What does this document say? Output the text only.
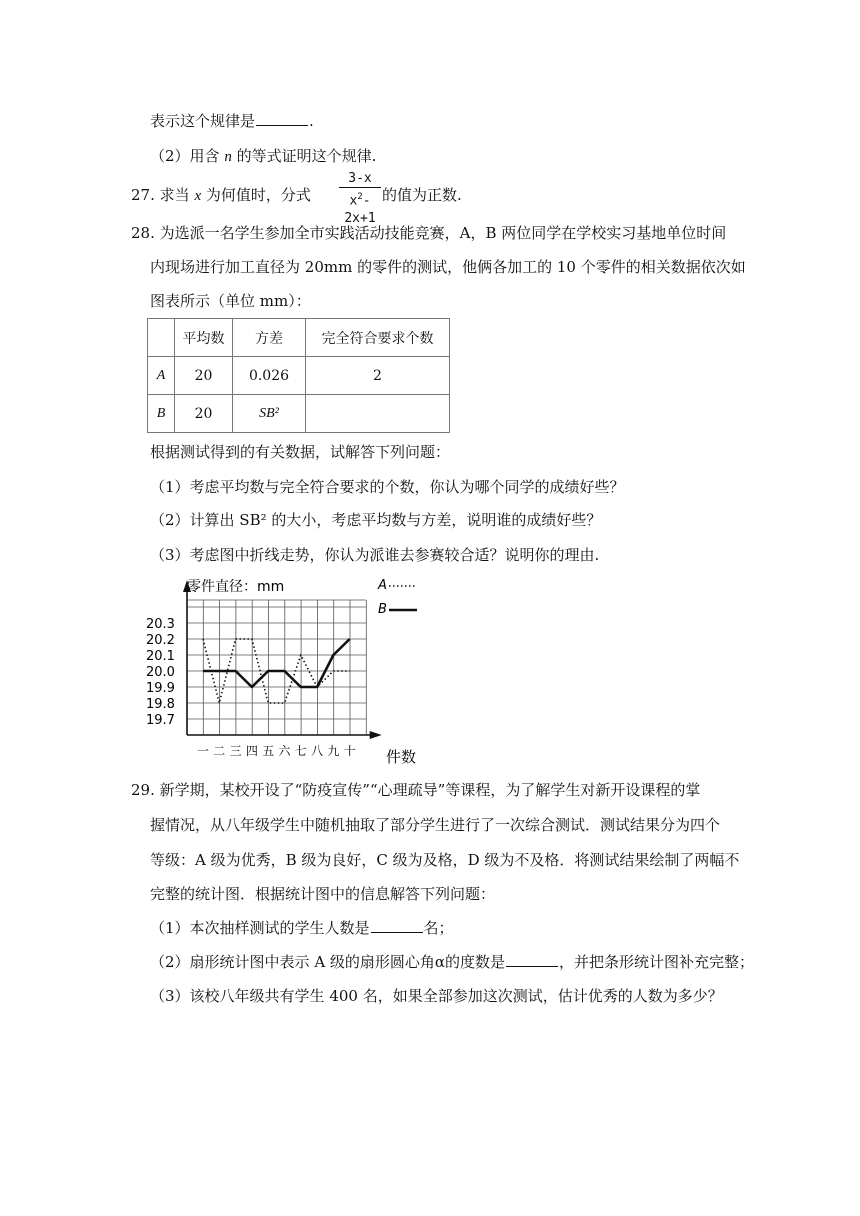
表示这个规律是	.
（2）用含 n 的等式证明这个规律.
27. 求当 x 为何值时，分式 $\frac{3-x}{x^2-2x+1}$ 的值为正数.
28. 为选派一名学生参加全市实践活动技能竞赛，A，B 两位同学在学校实习基地单位时间
内现场进行加工直径为 20mm 的零件的测试，他俩各加工的 10 个零件的相关数据依次如
图表所示（单位 mm）：
	平均数	方差	完全符合要求个数
A	20	0.026	2
B	20	SB²	
根据测试得到的有关数据，试解答下列问题：
（1）考虑平均数与完全符合要求的个数，你认为哪个同学的成绩好些？
（2）计算出 SB² 的大小，考虑平均数与方差，说明谁的成绩好些？
（3）考虑图中折线走势，你认为派谁去参赛较合适？说明你的理由.
20.3
20.2
20.1
20.0
19.9
19.8
19.7
一 二 三 四 五 六 七 八 九 十
零件直径：mm
件数
A
B
29. 新学期，某校开设了“防疫宣传”“心理疏导”等课程，为了解学生对新开设课程的掌
握情况，从八年级学生中随机抽取了部分学生进行了一次综合测试．测试结果分为四个
等级：A 级为优秀，B 级为良好，C 级为及格，D 级为不及格．将测试结果绘制了两幅不
完整的统计图．根据统计图中的信息解答下列问题：
（1）本次抽样测试的学生人数是	名；
（2）扇形统计图中表示 A 级的扇形圆心角α的度数是	，并把条形统计图补充完整；
（3）该校八年级共有学生 400 名，如果全部参加这次测试，估计优秀的人数为多少？
